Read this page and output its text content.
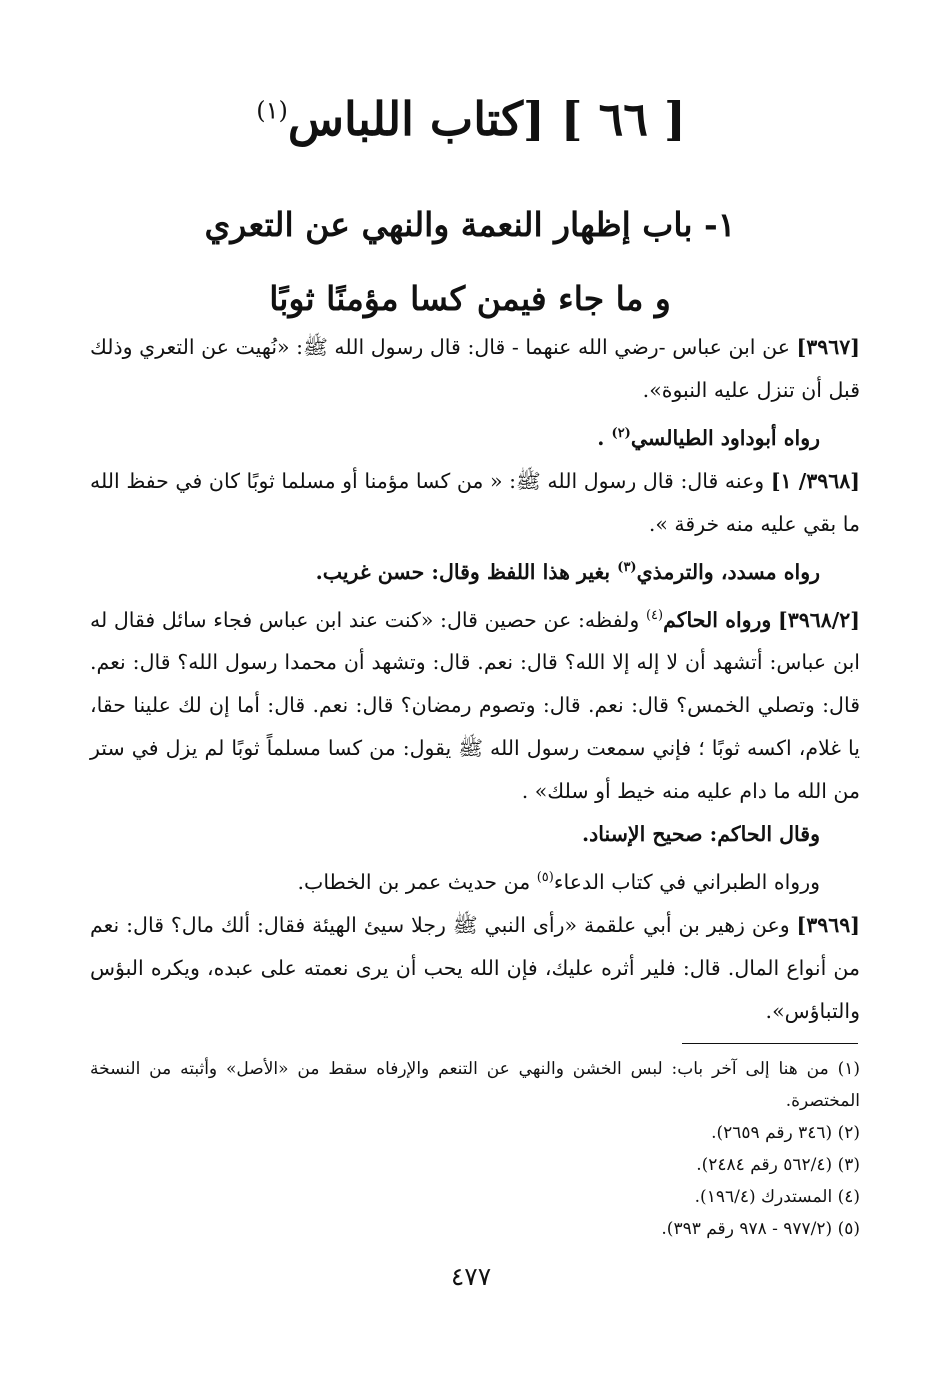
[ ٦٦ ] [كتاب اللباس$^{(١)}$
١- باب إظهار النعمة والنهي عن التعري
و ما جاء فيمن كسا مؤمنًا ثوبًا

[٣٩٦٧] عن ابن عباس -رضي الله عنهما - قال: قال رسول الله ﷺ: «نُهيت عن التعري وذلك قبل أن تنزل عليه النبوة».

رواه أبوداود الطيالسي$^{(٢)}$ .

[٣٩٦٨/ ١] وعنه قال: قال رسول الله ﷺ: « من كسا مؤمنا أو مسلما ثوبًا كان في حفظ الله ما بقي عليه منه خرقة ».

رواه مسدد، والترمذي$^{(٣)}$ بغير هذا اللفظ وقال: حسن غريب.

[٣٩٦٨/٢] ورواه الحاكم$^{(٤)}$ ولفظه: عن حصين قال: «كنت عند ابن عباس فجاء سائل فقال له ابن عباس: أتشهد أن لا إله إلا الله؟ قال: نعم. قال: وتشهد أن محمدا رسول الله؟ قال: نعم. قال: وتصلي الخمس؟ قال: نعم. قال: وتصوم رمضان؟ قال: نعم. قال: أما إن لك علينا حقا، يا غلام، اكسه ثوبًا ؛ فإني سمعت رسول الله ﷺ يقول: من كسا مسلماً ثوبًا لم يزل في ستر من الله ما دام عليه منه خيط أو سلك» .

وقال الحاكم: صحيح الإسناد.

ورواه الطبراني في كتاب الدعاء$^{(٥)}$ من حديث عمر بن الخطاب.

[٣٩٦٩] وعن زهير بن أبي علقمة «رأى النبي ﷺ رجلا سيئ الهيئة فقال: ألك مال؟ قال: نعم من أنواع المال. قال: فلير أثره عليك، فإن الله يحب أن يرى نعمته على عبده، ويكره البؤس والتباؤس».

(١) من هنا إلى آخر باب: لبس الخشن والنهي عن التنعم والإرفاه سقط من «الأصل» وأثبته من النسخة المختصرة.

(٢) (٣٤٦ رقم ٢٦٥٩).

(٣) (٥٦٢/٤ رقم ٢٤٨٤).

(٤) المستدرك (١٩٦/٤).

(٥) (٩٧٧/٢ - ٩٧٨ رقم ٣٩٣).

٤٧٧
